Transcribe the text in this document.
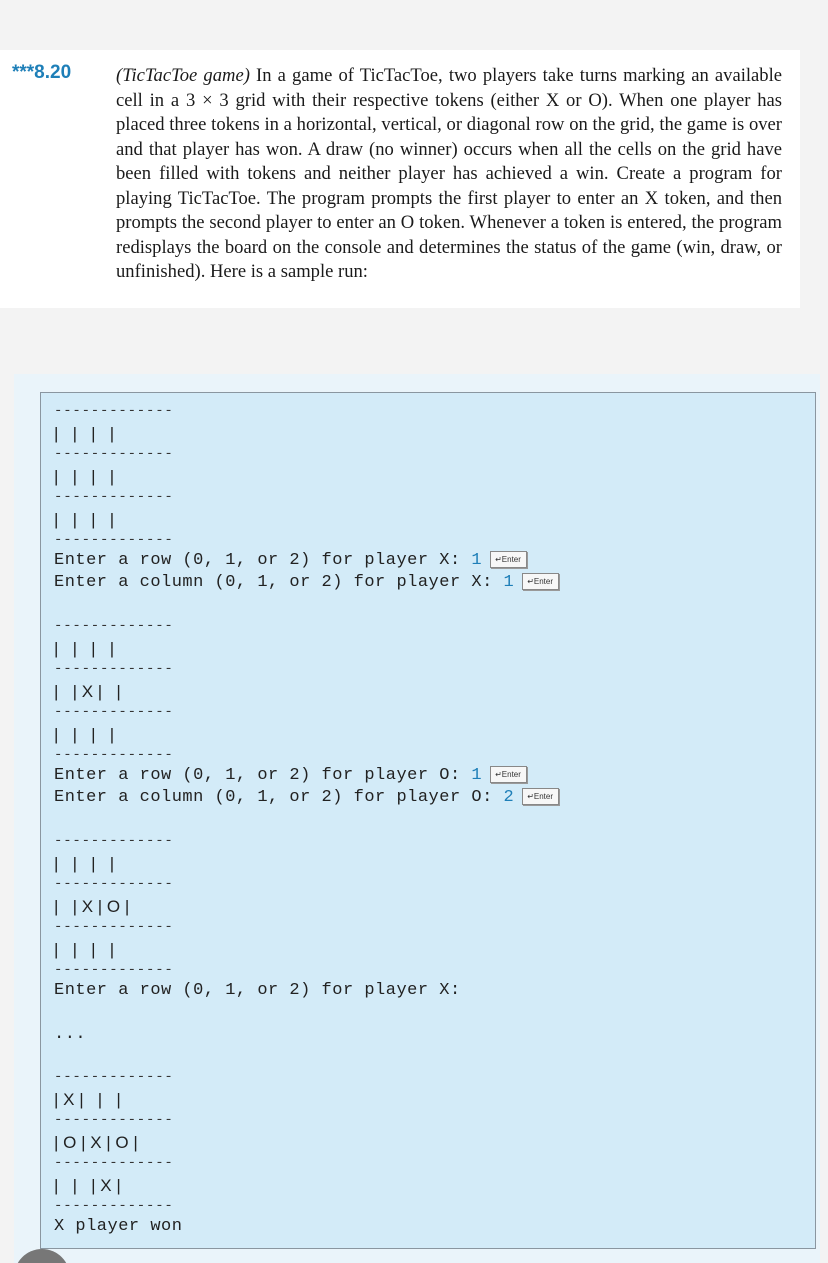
***8.20 (TicTacToe game) In a game of TicTacToe, two players take turns marking an available cell in a 3 × 3 grid with their respective tokens (either X or O). When one player has placed three tokens in a horizontal, vertical, or diagonal row on the grid, the game is over and that player has won. A draw (no winner) occurs when all the cells on the grid have been filled with tokens and neither player has achieved a win. Create a program for playing TicTacToe. The program prompts the first player to enter an X token, and then prompts the second player to enter an O token. Whenever a token is entered, the program redisplays the board on the console and determines the status of the game (win, draw, or unfinished). Here is a sample run:
-------------
|   |   |   |
-------------
|   |   |   |
-------------
|   |   |   |
-------------
Enter a row (0, 1, or 2) for player X: 1 ↵Enter
Enter a column (0, 1, or 2) for player X: 1 ↵Enter
-------------
|   |   |   |
-------------
|   | X |   |
-------------
|   |   |   |
-------------
Enter a row (0, 1, or 2) for player O: 1 ↵Enter
Enter a column (0, 1, or 2) for player O: 2 ↵Enter
-------------
|   |   |   |
-------------
|   | X | O |
-------------
|   |   |   |
-------------
Enter a row (0, 1, or 2) for player X:
...
-------------
| X |   |   |
-------------
| O | X | O |
-------------
|   |   | X |
-------------
X player won
